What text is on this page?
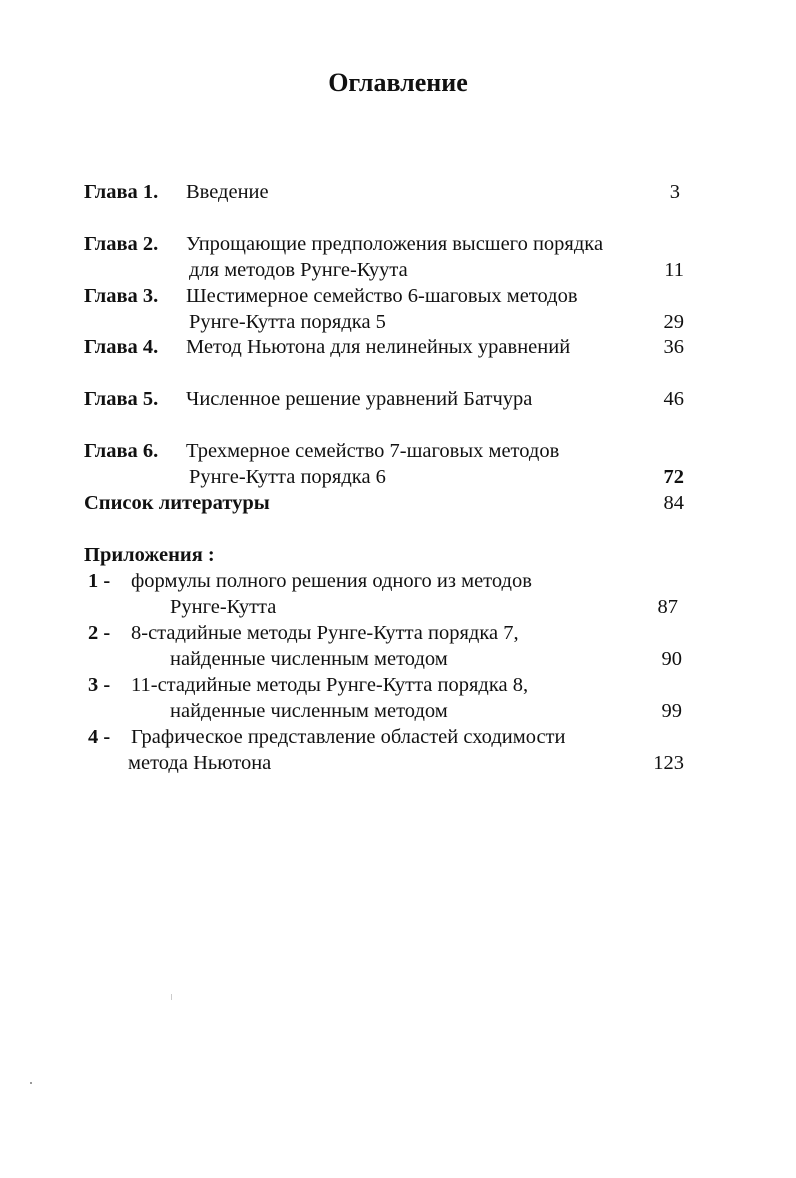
Оглавление
Глава 1. Введение	3
Глава 2. Упрощающие предположения высшего порядка
для методов Рунге-Куута	11
Глава 3. Шестимерное семейство 6-шаговых методов
Рунге-Кутта порядка 5	29
Глава 4. Метод Ньютона для нелинейных уравнений	36
Глава 5. Численное решение уравнений Батчура	46
Глава 6. Трехмерное семейство 7-шаговых методов
Рунге-Кутта порядка 6	72
Список литературы	84
Приложения :
1 - формулы полного решения одного из методов
Рунге-Кутта	87
2 - 8-стадийные методы Рунге-Кутта порядка 7,
найденные численным методом	90
3 - 11-стадийные методы Рунге-Кутта порядка 8,
найденные численным методом	99
4 - Графическое представление областей сходимости
метода Ньютона	123
